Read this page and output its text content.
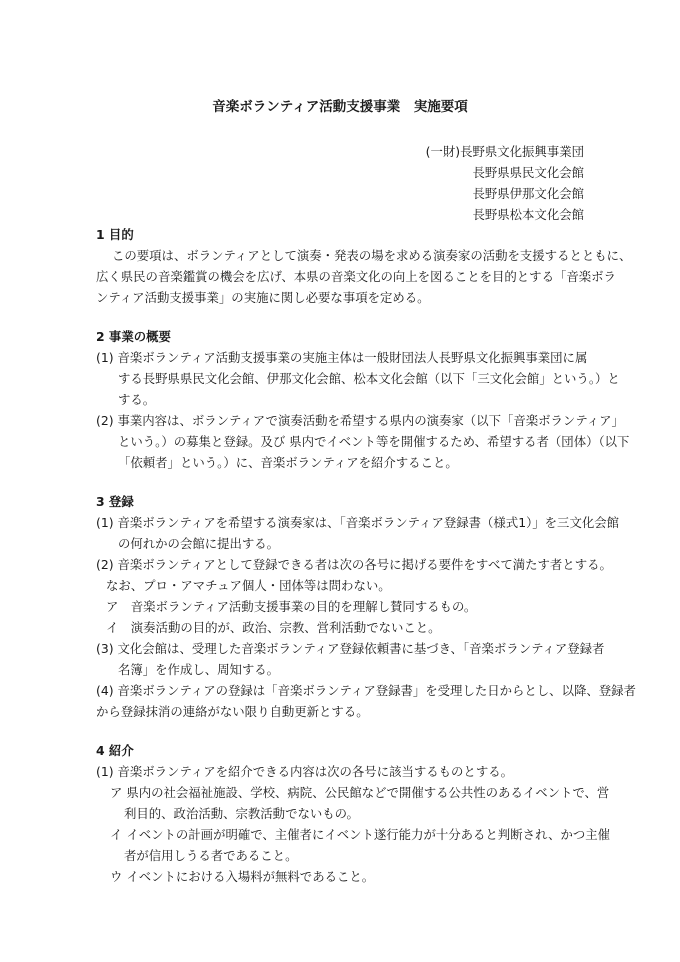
音楽ボランティア活動支援事業　実施要項
(一財)長野県文化振興事業団
長野県県民文化会館
長野県伊那文化会館
長野県松本文化会館
1 目的
この要項は、ボランティアとして演奏・発表の場を求める演奏家の活動を支援するとともに、
広く県民の音楽鑑賞の機会を広げ、本県の音楽文化の向上を図ることを目的とする「音楽ボラ
ンティア活動支援事業」の実施に関し必要な事項を定める。
2 事業の概要
(1) 音楽ボランティア活動支援事業の実施主体は一般財団法人長野県文化振興事業団に属
する長野県県民文化会館、伊那文化会館、松本文化会館（以下「三文化会館」という。）と
する。
(2) 事業内容は、ボランティアで演奏活動を希望する県内の演奏家（以下「音楽ボランティア」
という。）の募集と登録。及び 県内でイベント等を開催するため、希望する者（団体）（以下
「依頼者」という。）に、音楽ボランティアを紹介すること。
3 登録
(1) 音楽ボランティアを希望する演奏家は、「音楽ボランティア登録書（様式1）」を三文化会館
の何れかの会館に提出する。
(2) 音楽ボランティアとして登録できる者は次の各号に掲げる要件をすべて満たす者とする。
なお、プロ・アマチュア個人・団体等は問わない。
ア　音楽ボランティア活動支援事業の目的を理解し賛同するもの。
イ　演奏活動の目的が、政治、宗教、営利活動でないこと。
(3) 文化会館は、受理した音楽ボランティア登録依頼書に基づき、「音楽ボランティア登録者
名簿」を作成し、周知する。
(4) 音楽ボランティアの登録は「音楽ボランティア登録書」を受理した日からとし、以降、登録者
から登録抹消の連絡がない限り自動更新とする。
4 紹介
(1) 音楽ボランティアを紹介できる内容は次の各号に該当するものとする。
ア 県内の社会福祉施設、学校、病院、公民館などで開催する公共性のあるイベントで、営
利目的、政治活動、宗教活動でないもの。
イ イベントの計画が明確で、主催者にイベント遂行能力が十分あると判断され、かつ主催
者が信用しうる者であること。
ウ イベントにおける入場料が無料であること。
